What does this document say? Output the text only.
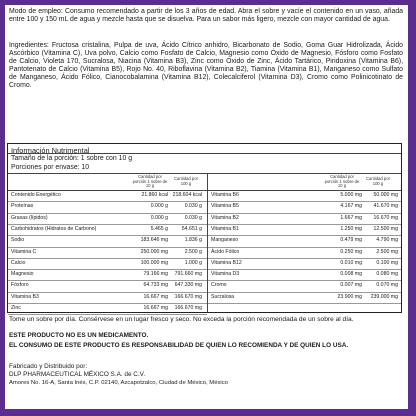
Modo de empleo: Consumo recomendado a partir de los 3 años de edad. Abra el sobre y vacíe el contenido en un vaso, añada entre 100 y 150 mL de agua y mezcle hasta que se disuelva. Para un sabor más ligero, mezcle con mayor cantidad de agua.
Ingredientes: Fructosa cristalina, Pulpa de uva, Ácido Cítrico anhidro, Bicarbonato de Sodio, Goma Guar Hidrolizada, Ácido Ascórbico (Vitamina C), Uva polvo, Calcio como Fosfato de Calcio, Magnesio como Óxido de Magnesio, Fósforo como Fosfato de Calcio, Violeta 170, Sucralosa, Niacina (Vitamina B3), Zinc como Óxido de Zinc, Ácido Tartárico, Piridoxina (Vitamina B6), Pantotenato de Calcio (Vitamina B5), Rojo No. 40, Riboflavina (Vitamina B2), Tiamina (Vitamina B1), Manganeso como Sulfato de Manganeso, Ácido Fólico, Cianocobalamina (Vitamina B12), Colecalciferol (Vitamina D3), Cromo como Polinicotinato de Cromo.
Información Nutrimental
Tamaño de la porción: 1 sobre con 10 g
Porciones por envase: 10
Cantidad por porción 1 sobre de 10 g
Cantidad por 100 g
Cantidad por porción 1 sobre de 10 g
Cantidad por 100 g
Contenido Energético	21.860 kcal 218.604 kcal
Proteínas	0.000 g	0.030 g
Grasas (lípidos)	0.000 g	0.030 g
Carbohidratos (Hidratos de Carbono)	5.465 g	54.651 g
Sodio	183.646 mg	1.836 g
Vitamina C	250.000 mg	2.500 g
Calcio	100.000 mg	1.000 g
Magnesio	79.166 mg	791.660 mg
Fósforo	64.733 mg	647.330 mg
Vitamina B3	16.667 mg	166.670 mg
Zinc	16.667 mg	166.670 mg
Vitamina B6	5.000 mg	50.000 mg
Vitamina B5	4.167 mg	41.670 mg
Vitamina B2	1.667 mg	16.670 mg
Vitamina B1	1.250 mg	12.500 mg
Manganeso	0.479 mg	4.790 mg
Ácido Fólico	0.250 mg	2.500 mg
Vitamina B12	0.010 mg	0.100 mg
Vitamina D3	0.008 mg	0.080 mg
Cromo	0.007 mg	0.070 mg
Sucralosa	23.900 mg	239.000 mg
Tome un sobre por día. Consérvese en un lugar fresco y seco. No exceda la porción recomendada de un sobre al día.
ESTE PRODUCTO NO ES UN MEDICAMENTO.
EL CONSUMO DE ESTE PRODUCTO ES RESPONSABILIDAD DE QUIEN LO RECOMIENDA Y DE QUIEN LO USA.
Fabricado y Distribuido por:
DLP PHARMACEUTICAL MÉXICO S.A. de C.V.
Amores No. 16-A, Santa Inés, C.P. 02140, Azcapotzalco, Ciudad de México, México
